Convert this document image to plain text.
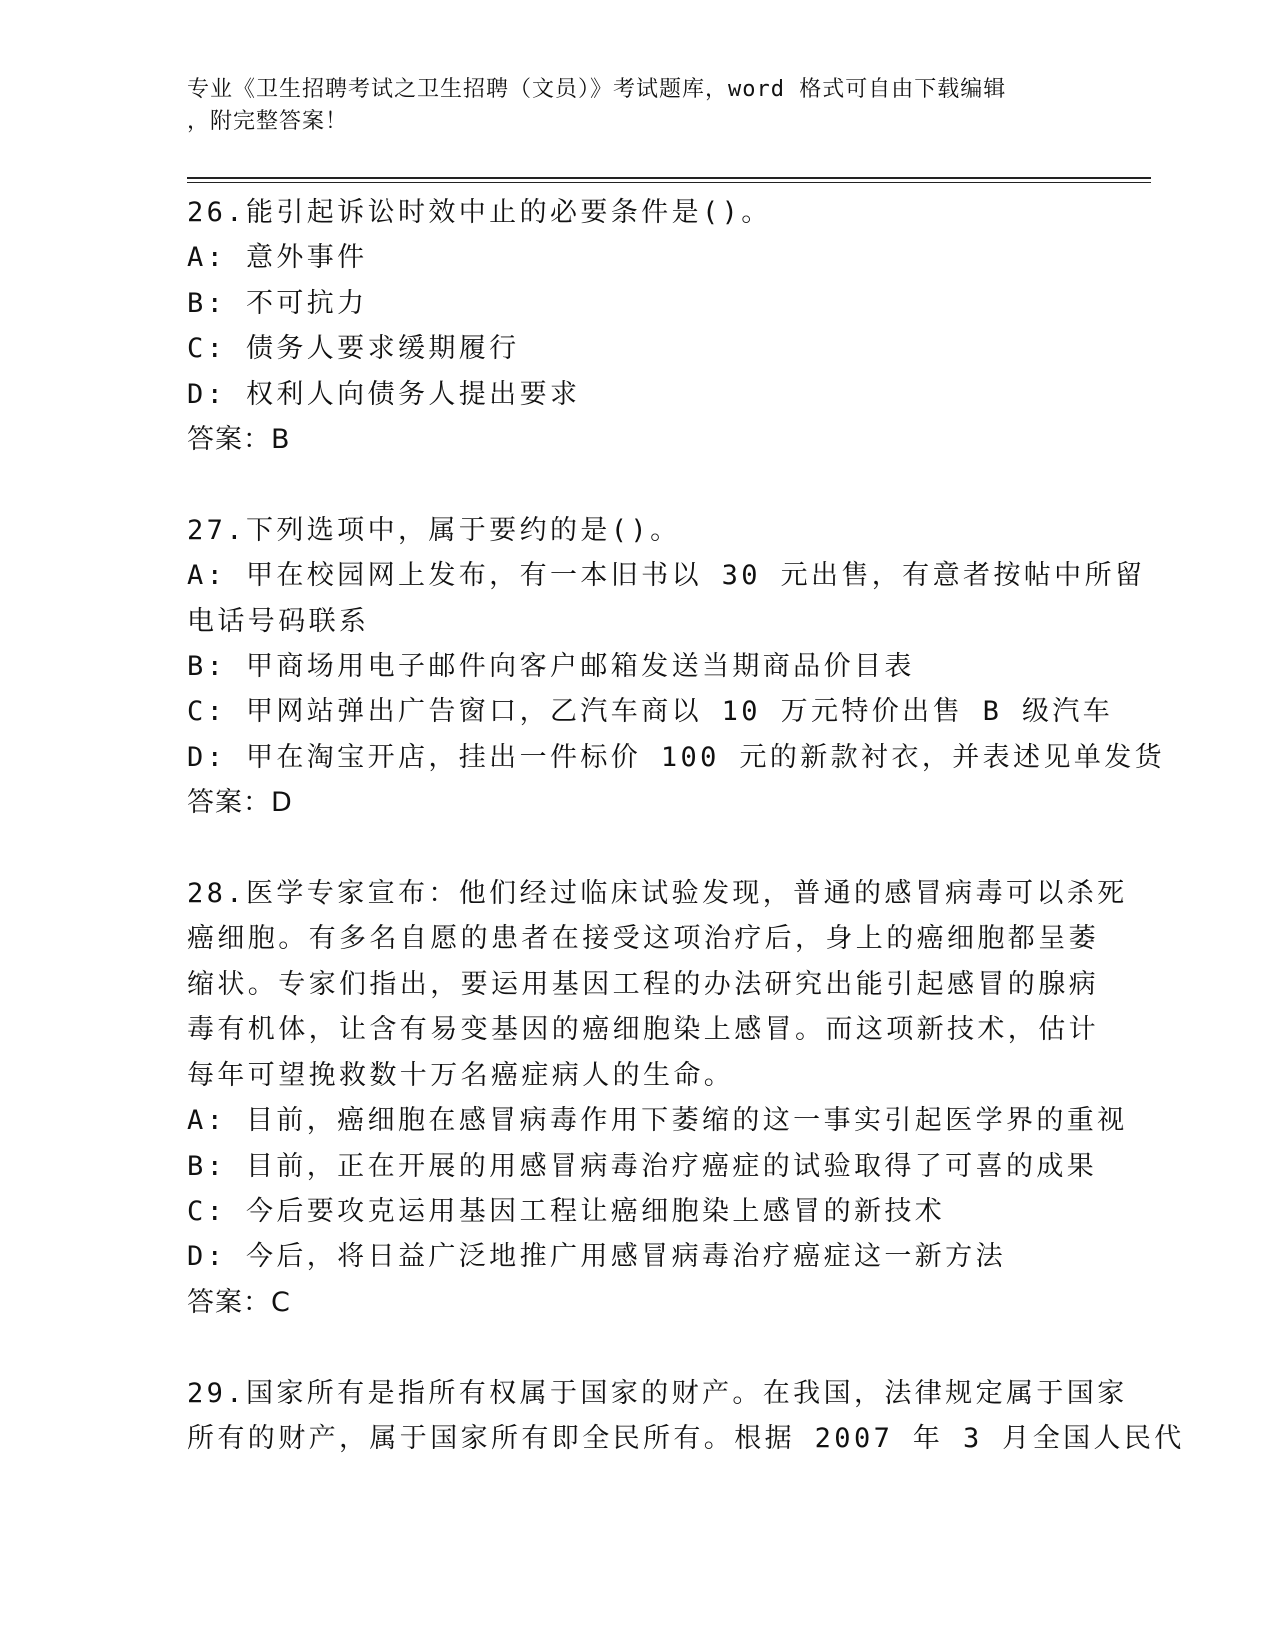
专业《卫生招聘考试之卫生招聘（文员）》考试题库，word 格式可自由下载编辑
，附完整答案！
26.能引起诉讼时效中止的必要条件是()。
A: 意外事件
B: 不可抗力
C: 债务人要求缓期履行
D: 权利人向债务人提出要求
答案：B
27.下列选项中，属于要约的是()。
A: 甲在校园网上发布，有一本旧书以 30 元出售，有意者按帖中所留
电话号码联系
B: 甲商场用电子邮件向客户邮箱发送当期商品价目表
C: 甲网站弹出广告窗口，乙汽车商以 10 万元特价出售 B 级汽车
D: 甲在淘宝开店，挂出一件标价 100 元的新款衬衣，并表述见单发货
答案：D
28.医学专家宣布：他们经过临床试验发现，普通的感冒病毒可以杀死
癌细胞。有多名自愿的患者在接受这项治疗后，身上的癌细胞都呈萎
缩状。专家们指出，要运用基因工程的办法研究出能引起感冒的腺病
毒有机体，让含有易变基因的癌细胞染上感冒。而这项新技术，估计
每年可望挽救数十万名癌症病人的生命。
A: 目前，癌细胞在感冒病毒作用下萎缩的这一事实引起医学界的重视
B: 目前，正在开展的用感冒病毒治疗癌症的试验取得了可喜的成果
C: 今后要攻克运用基因工程让癌细胞染上感冒的新技术
D: 今后，将日益广泛地推广用感冒病毒治疗癌症这一新方法
答案：C
29.国家所有是指所有权属于国家的财产。在我国，法律规定属于国家
所有的财产，属于国家所有即全民所有。根据 2007 年 3 月全国人民代
